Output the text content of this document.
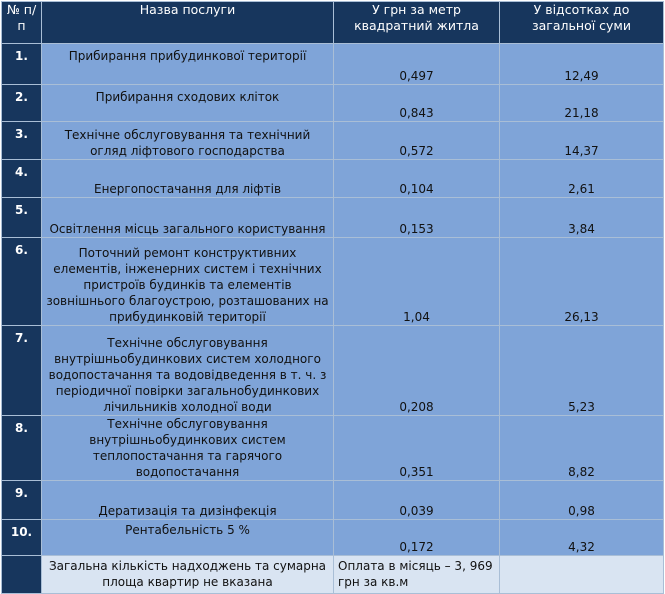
№ п/п	Назва послуги	У грн за метр квадратний житла	У відсотках до загальної суми
1.	Прибирання прибудинкової території	0,497	12,49
2.	Прибирання сходових кліток	0,843	21,18
3.	Технічне обслуговування та технічний огляд ліфтового господарства	0,572	14,37
4.	Енергопостачання для ліфтів	0,104	2,61
5.	Освітлення місць загального користування	0,153	3,84
6.	Поточний ремонт конструктивних елементів, інженерних систем і технічних пристроїв будинків та елементів зовнішнього благоустрою, розташованих на прибудинковій території	1,04	26,13
7.	Технічне обслуговування внутрішньобудинкових систем холодного водопостачання та водовідведення в т. ч. з періодичної повірки загальнобудинкових лічильників холодної води	0,208	5,23
8.	Технічне обслуговування внутрішньобудинкових систем теплопостачання та гарячого водопостачання	0,351	8,82
9.	Дератизація та дизінфекція	0,039	0,98
10.	Рентабельність 5 %	0,172	4,32
	Загальна кількість надходжень та сумарна площа квартир не вказана	Оплата в місяць – 3, 969 грн за кв.м	
